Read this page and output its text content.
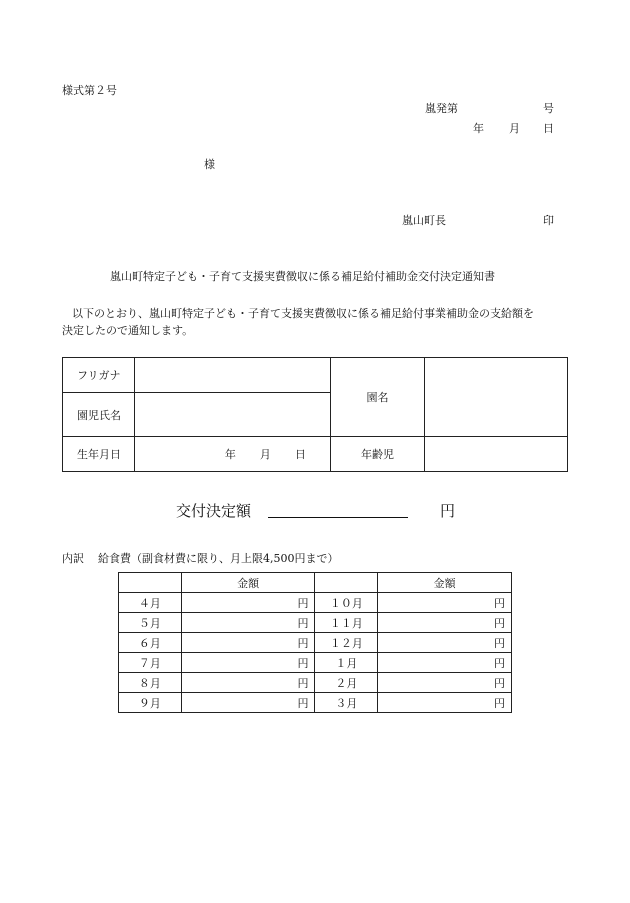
様式第２号
嵐発第	号
年 月 日
様
嵐山町長	印
嵐山町特定子ども・子育て支援実費徴収に係る補足給付補助金交付決定通知書
以下のとおり、嵐山町特定子ども・子育て支援実費徴収に係る補足給付事業補助金の支給額を
決定したので通知します。
フリガナ		園名	
園児氏名			
生年月日	年 月 日	年齢児	
交付決定額	円
内訳 給食費（副食材費に限り、月上限4,500円まで）
	金額		金額
４月	円	１０月	円
５月	円	１１月	円
６月	円	１２月	円
７月	円	１月	円
８月	円	２月	円
９月	円	３月	円
